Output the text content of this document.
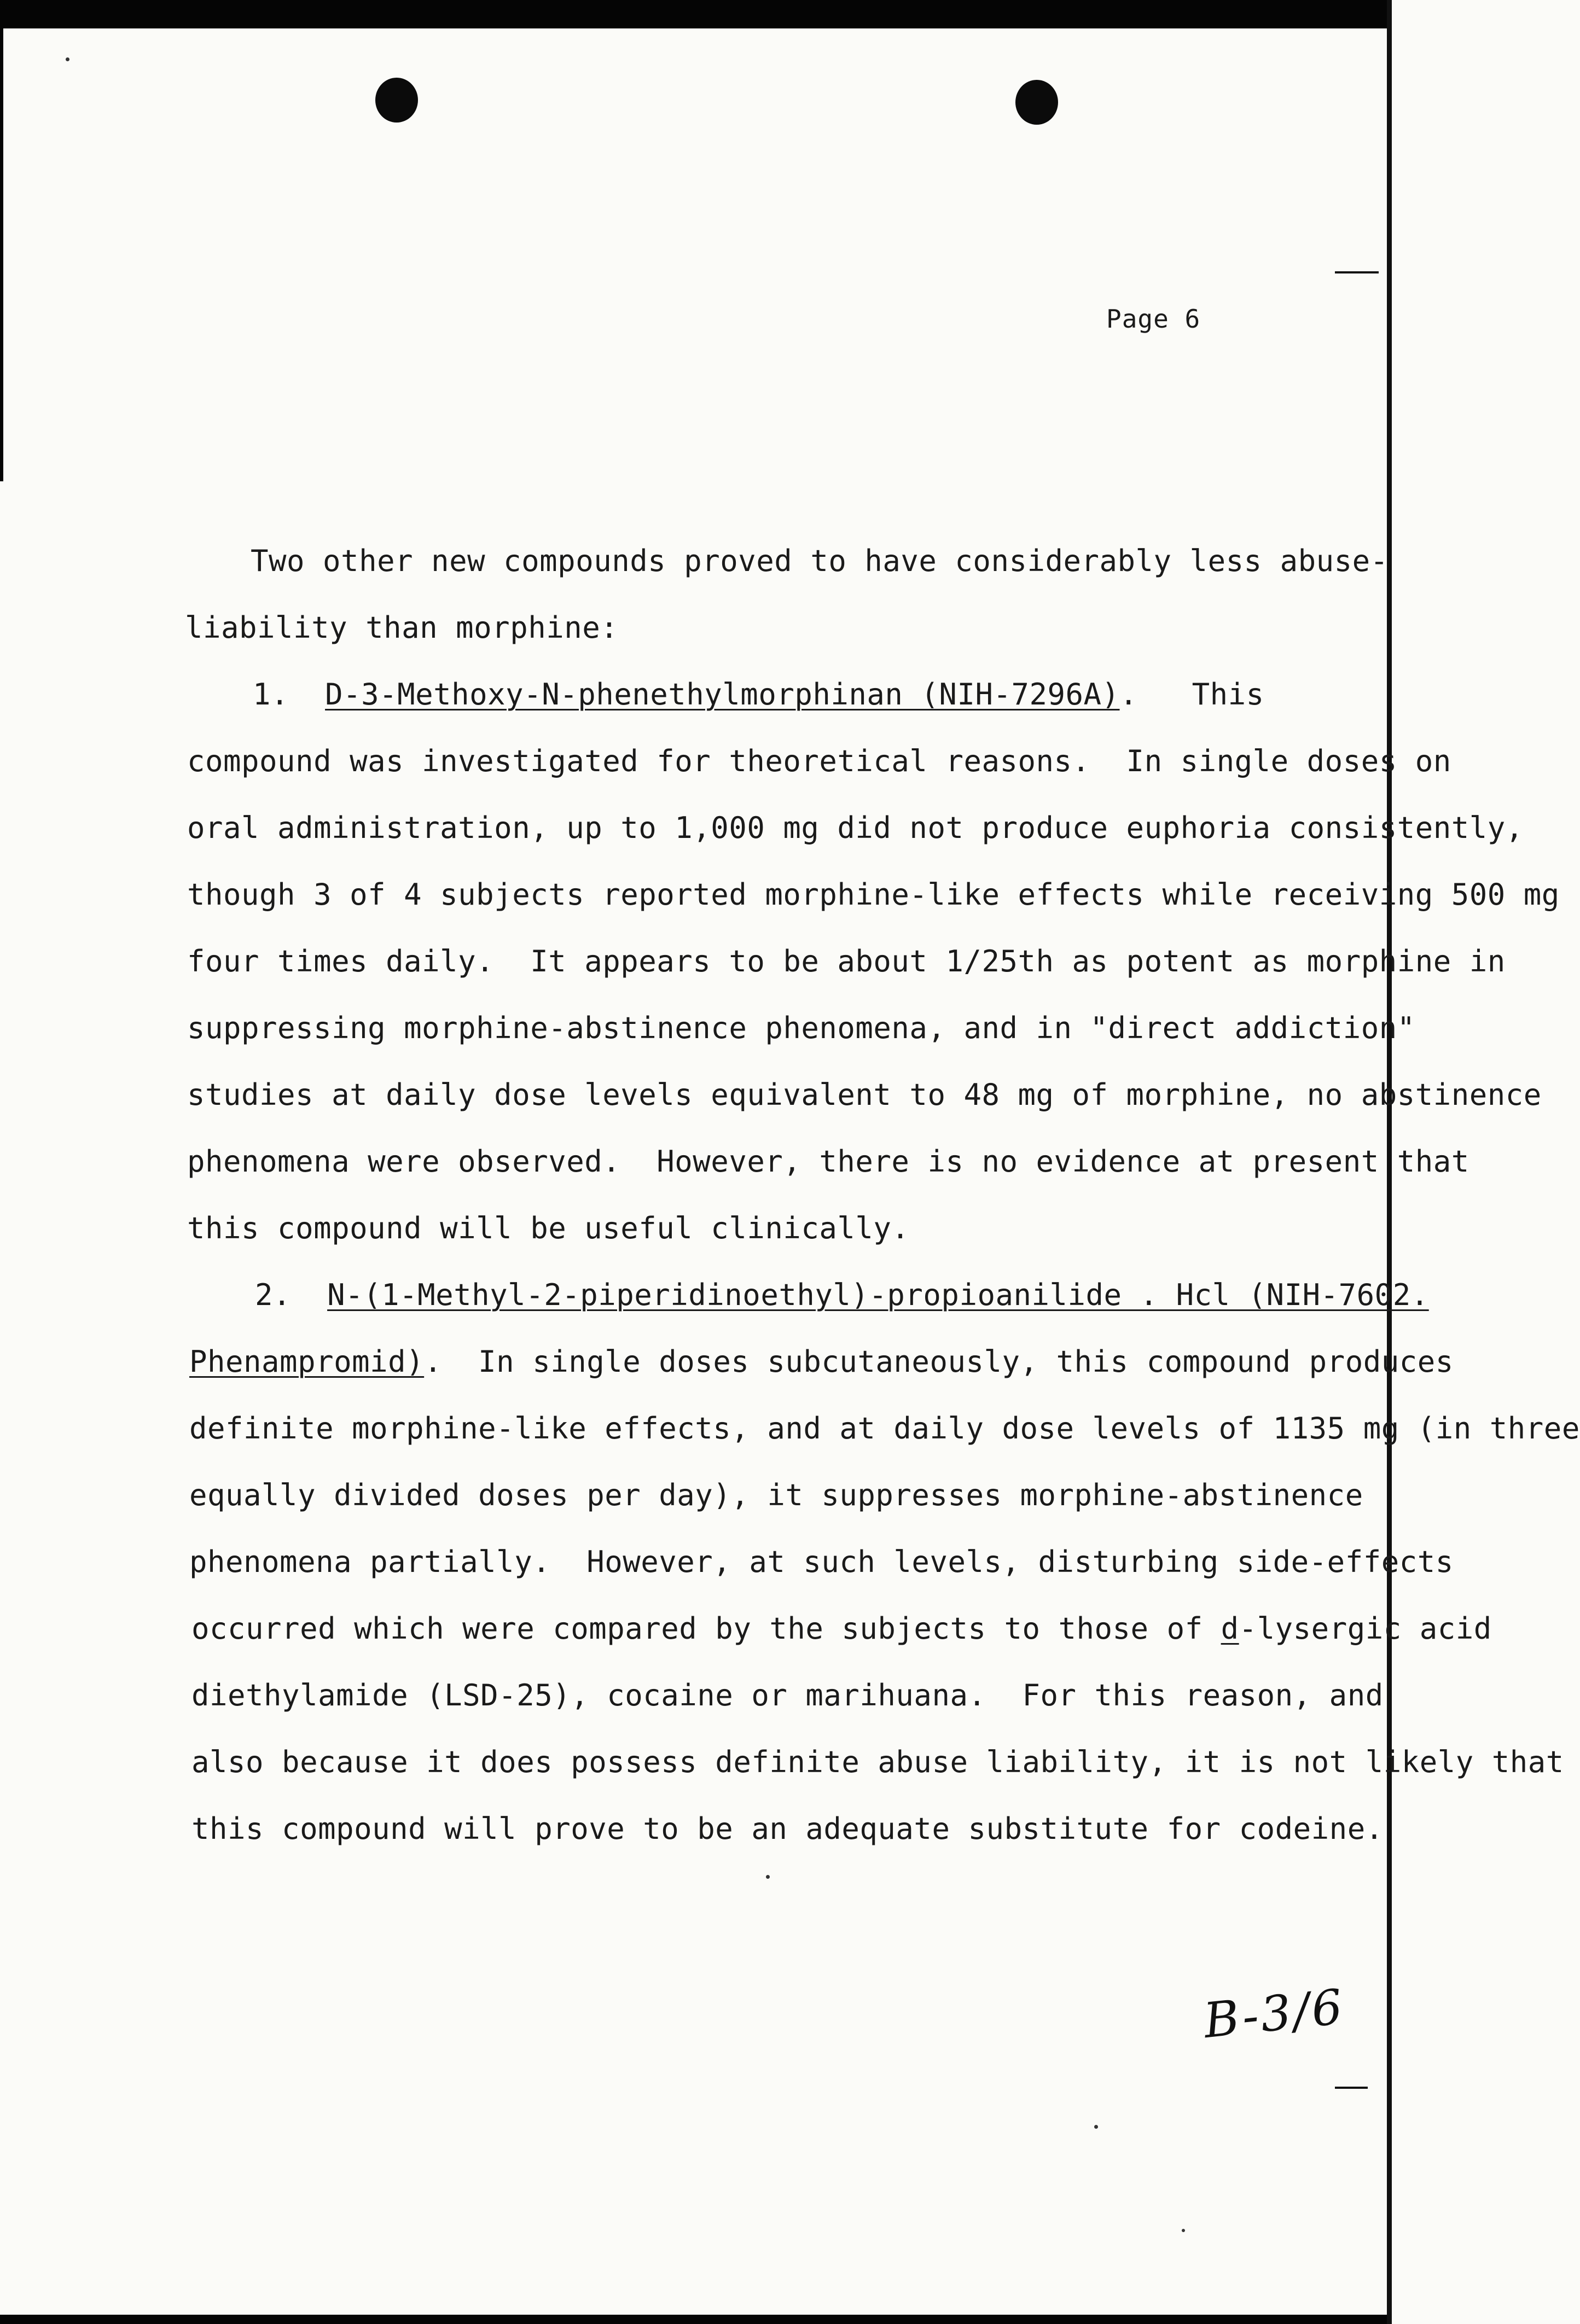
Page 6
Two other new compounds proved to have considerably less abuse-
liability than morphine:
1. D-3-Methoxy-N-phenethylmorphinan (NIH-7296A).   This
compound was investigated for theoretical reasons.  In single doses on
oral administration, up to 1,000 mg did not produce euphoria consistently,
though 3 of 4 subjects reported morphine-like effects while receiving 500 mg
four times daily.  It appears to be about 1/25th as potent as morphine in
suppressing morphine-abstinence phenomena, and in "direct addiction"
studies at daily dose levels equivalent to 48 mg of morphine, no abstinence
phenomena were observed.  However, there is no evidence at present that
this compound will be useful clinically.
2. N-(1-Methyl-2-piperidinoethyl)-propioanilide . Hcl (NIH-7602.
Phenampromid).  In single doses subcutaneously, this compound produces
definite morphine-like effects, and at daily dose levels of 1135 mg (in three
equally divided doses per day), it suppresses morphine-abstinence
phenomena partially.  However, at such levels, disturbing side-effects
occurred which were compared by the subjects to those of d-lysergic acid
diethylamide (LSD-25), cocaine or marihuana.  For this reason, and
also because it does possess definite abuse liability, it is not likely that
this compound will prove to be an adequate substitute for codeine.
B-3/6
